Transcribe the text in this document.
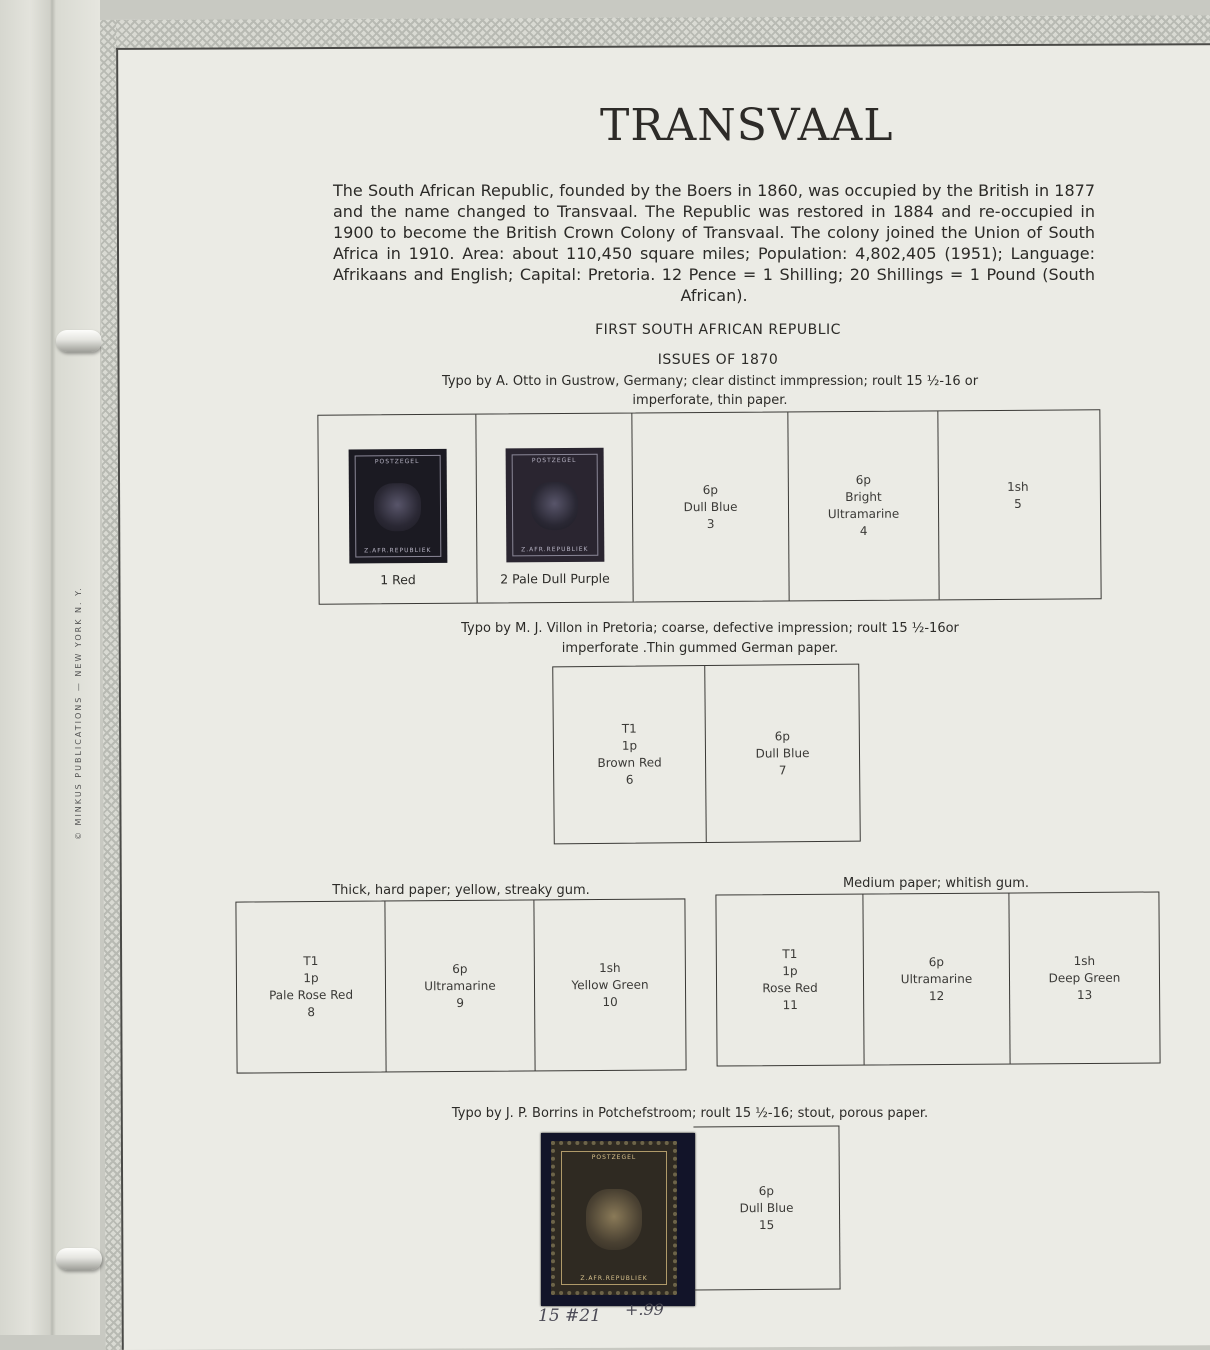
© MINKUS PUBLICATIONS — NEW YORK N. Y.
TRANSVAAL
The South African Republic, founded by the Boers in 1860, was occupied by the British in 1877 and the name changed to Transvaal. The Republic was restored in 1884 and re-occupied in 1900 to become the British Crown Colony of Transvaal. The colony joined the Union of South Africa in 1910. Area: about 110,450 square miles; Population: 4,802,405 (1951); Language: Afrikaans and English; Capital: Pretoria. 12 Pence = 1 Shilling; 20 Shillings = 1 Pound (South African).
FIRST SOUTH AFRICAN REPUBLIC
ISSUES OF 1870
Typo by A. Otto in Gustrow, Germany; clear distinct immpression; roult 15 ½-16 or
imperforate, thin paper.
POSTZEGEL
Z.AFR.REPUBLIEK
1 Red
POSTZEGEL
Z.AFR.REPUBLIEK
2 Pale Dull Purple
6p
Dull Blue
3
6p
Bright
Ultramarine
4
1sh
5
Typo by M. J. Villon in Pretoria; coarse, defective impression; roult 15 ½-16or
imperforate .Thin gummed German paper.
T1
1p
Brown Red
6
6p
Dull Blue
7
Thick, hard paper; yellow, streaky gum.
T1
1p
Pale Rose Red
8
6p
Ultramarine
9
1sh
Yellow Green
10
Medium paper; whitish gum.
T1
1p
Rose Red
11
6p
Ultramarine
12
1sh
Deep Green
13
Typo by J. P. Borrins in Potchefstroom; roult 15 ½-16; stout, porous paper.
POSTZEGEL
Z.AFR.REPUBLIEK
6p
Dull Blue
15
15 #21 +.99
